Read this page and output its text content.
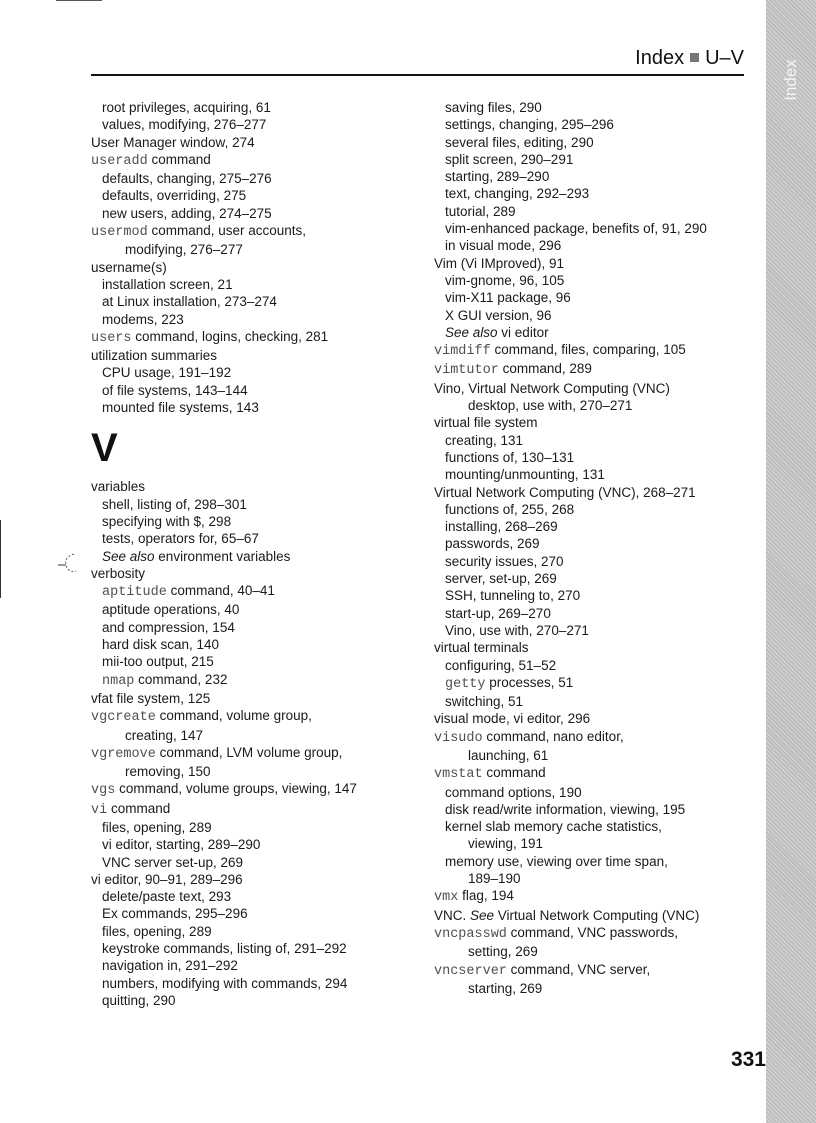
Index
Index U–V
root privileges, acquiring, 61
values, modifying, 276–277
User Manager window, 274
useradd command
defaults, changing, 275–276
defaults, overriding, 275
new users, adding, 274–275
usermod command, user accounts,
modifying, 276–277
username(s)
installation screen, 21
at Linux installation, 273–274
modems, 223
users command, logins, checking, 281
utilization summaries
CPU usage, 191–192
of file systems, 143–144
mounted file systems, 143
V
variables
shell, listing of, 298–301
specifying with $, 298
tests, operators for, 65–67
See also environment variables
verbosity
aptitude command, 40–41
aptitude operations, 40
and compression, 154
hard disk scan, 140
mii-too output, 215
nmap command, 232
vfat file system, 125
vgcreate command, volume group,
creating, 147
vgremove command, LVM volume group,
removing, 150
vgs command, volume groups, viewing, 147
vi command
files, opening, 289
vi editor, starting, 289–290
VNC server set-up, 269
vi editor, 90–91, 289–296
delete/paste text, 293
Ex commands, 295–296
files, opening, 289
keystroke commands, listing of, 291–292
navigation in, 291–292
numbers, modifying with commands, 294
quitting, 290
saving files, 290
settings, changing, 295–296
several files, editing, 290
split screen, 290–291
starting, 289–290
text, changing, 292–293
tutorial, 289
vim-enhanced package, benefits of, 91, 290
in visual mode, 296
Vim (Vi IMproved), 91
vim-gnome, 96, 105
vim-X11 package, 96
X GUI version, 96
See also vi editor
vimdiff command, files, comparing, 105
vimtutor command, 289
Vino, Virtual Network Computing (VNC)
desktop, use with, 270–271
virtual file system
creating, 131
functions of, 130–131
mounting/unmounting, 131
Virtual Network Computing (VNC), 268–271
functions of, 255, 268
installing, 268–269
passwords, 269
security issues, 270
server, set-up, 269
SSH, tunneling to, 270
start-up, 269–270
Vino, use with, 270–271
virtual terminals
configuring, 51–52
getty processes, 51
switching, 51
visual mode, vi editor, 296
visudo command, nano editor,
launching, 61
vmstat command
command options, 190
disk read/write information, viewing, 195
kernel slab memory cache statistics,
viewing, 191
memory use, viewing over time span,
189–190
vmx flag, 194
VNC. See Virtual Network Computing (VNC)
vncpasswd command, VNC passwords,
setting, 269
vncserver command, VNC server,
starting, 269
331
